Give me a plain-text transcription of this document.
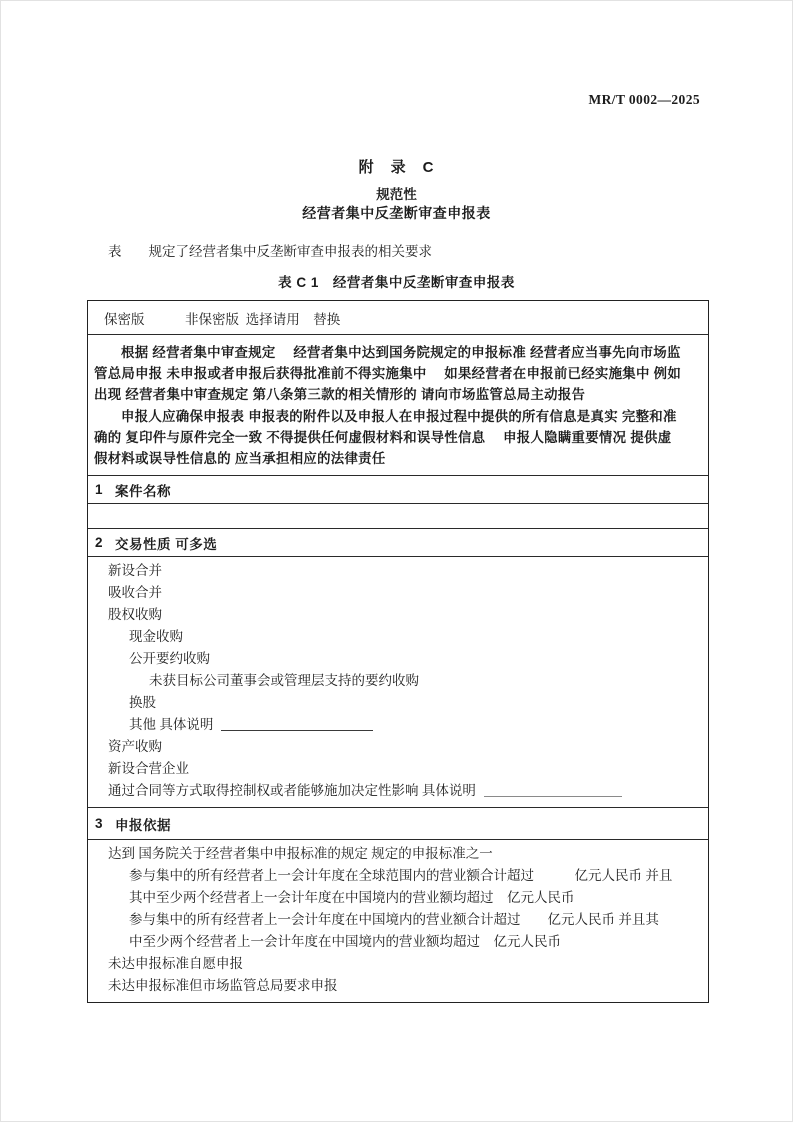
MR/T 0002—2025
附　录　C
规范性
经营者集中反垄断审查申报表
表　　规定了经营者集中反垄断审查申报表的相关要求
表 C 1　经营者集中反垄断审查申报表
保密版　　　非保密版  选择请用　替换
根据 经营者集中审查规定　 经营者集中达到国务院规定的申报标准 经营者应当事先向市场监
管总局申报 未申报或者申报后获得批准前不得实施集中　 如果经营者在申报前已经实施集中 例如
出现 经营者集中审查规定 第八条第三款的相关情形的 请向市场监管总局主动报告
申报人应确保申报表 申报表的附件以及申报人在申报过程中提供的所有信息是真实 完整和准
确的 复印件与原件完全一致 不得提供任何虚假材料和误导性信息　 申报人隐瞒重要情况 提供虚
假材料或误导性信息的 应当承担相应的法律责任
1 案件名称
2 交易性质 可多选
新设合并
吸收合并
股权收购
现金收购
公开要约收购
未获目标公司董事会或管理层支持的要约收购
换股
其他 具体说明
资产收购
新设合营企业
通过合同等方式取得控制权或者能够施加决定性影响 具体说明
3 申报依据
达到 国务院关于经营者集中申报标准的规定 规定的申报标准之一
参与集中的所有经营者上一会计年度在全球范围内的营业额合计超过　　　亿元人民币 并且
其中至少两个经营者上一会计年度在中国境内的营业额均超过　亿元人民币
参与集中的所有经营者上一会计年度在中国境内的营业额合计超过　　亿元人民币 并且其
中至少两个经营者上一会计年度在中国境内的营业额均超过　亿元人民币
未达申报标准自愿申报
未达申报标准但市场监管总局要求申报
